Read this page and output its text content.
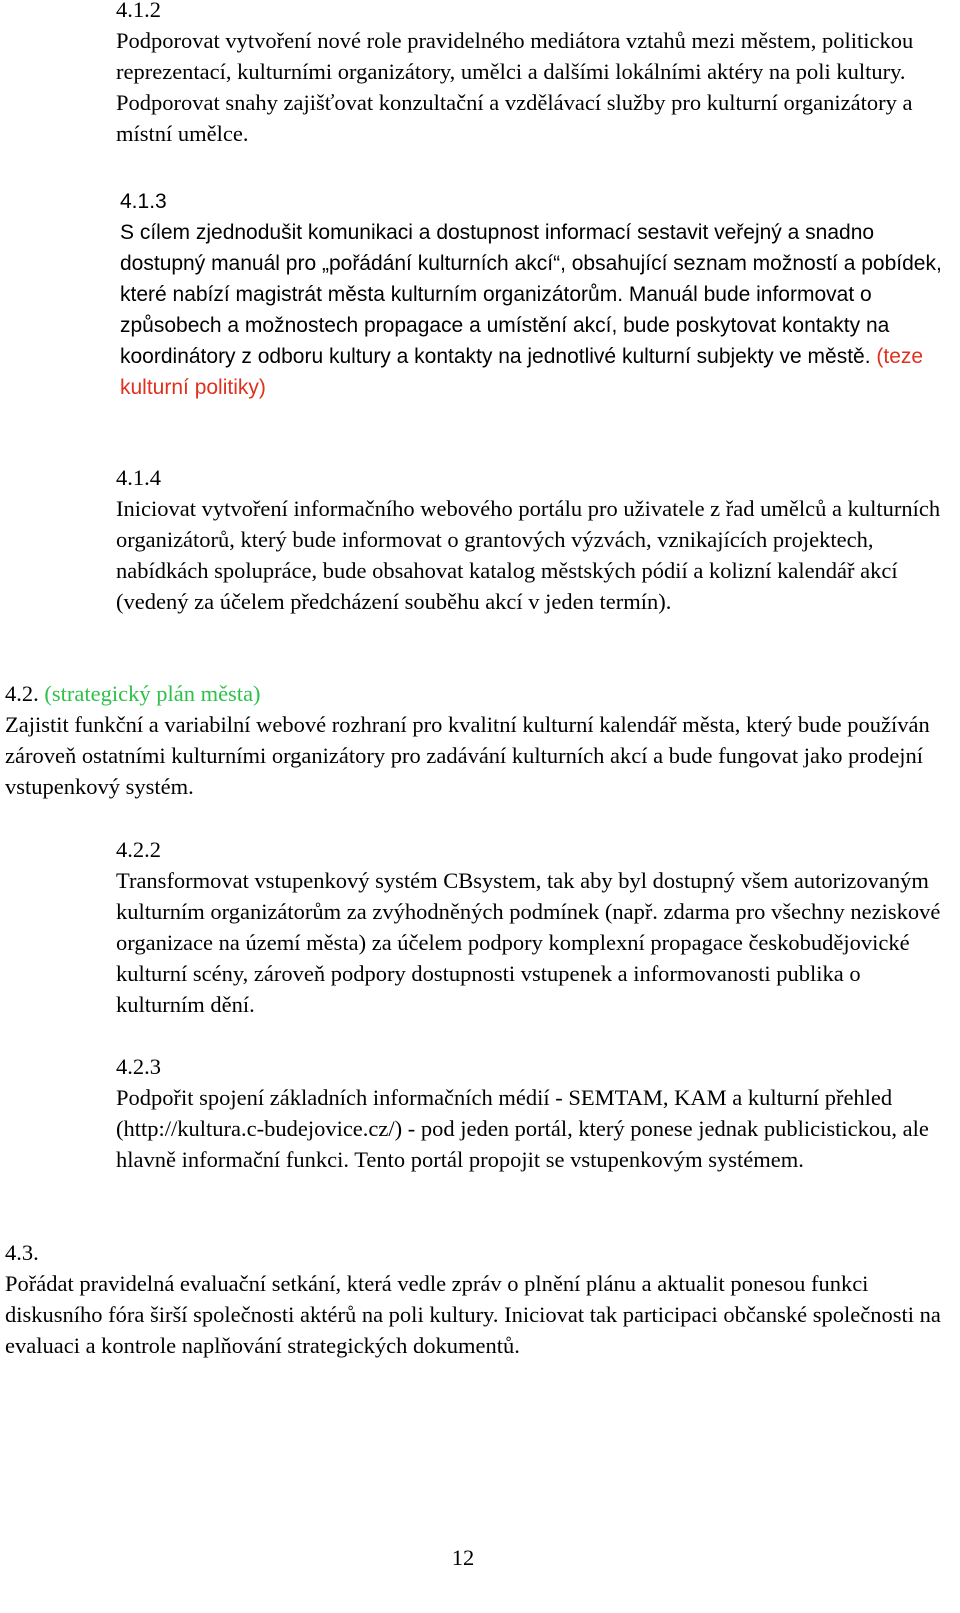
4.1.2

Podporovat vytvoření nové role pravidelného mediátora vztahů mezi městem, politickou reprezentací, kulturními organizátory, umělci a dalšími lokálními aktéry na poli kultury. Podporovat snahy zajišťovat konzultační a vzdělávací služby pro kulturní organizátory a místní umělce.

4.1.3

S cílem zjednodušit komunikaci a dostupnost informací sestavit veřejný a snadno dostupný manuál pro „pořádání kulturních akcí“, obsahující seznam možností a pobídek, které nabízí magistrát města kulturním organizátorům. Manuál bude informovat o způsobech a možnostech propagace a umístění akcí, bude poskytovat kontakty na koordinátory z odboru kultury a kontakty na jednotlivé kulturní subjekty ve městě. (teze kulturní politiky)

4.1.4

Iniciovat vytvoření informačního webového portálu pro uživatele z řad umělců a kulturních organizátorů, který bude informovat o grantových výzvách, vznikajících projektech, nabídkách spolupráce, bude obsahovat katalog městských pódií a kolizní kalendář akcí (vedený za účelem předcházení souběhu akcí v jeden termín).

4.2. (strategický plán města)

Zajistit funkční a variabilní webové rozhraní pro kvalitní kulturní kalendář města, který bude používán zároveň ostatními kulturními organizátory pro zadávání kulturních akcí a bude fungovat jako prodejní vstupenkový systém.

4.2.2

Transformovat vstupenkový systém CBsystem, tak aby byl dostupný všem autorizovaným kulturním organizátorům za zvýhodněných podmínek (např. zdarma pro všechny neziskové organizace na území města) za účelem podpory komplexní propagace českobudějovické kulturní scény, zároveň podpory dostupnosti vstupenek a informovanosti publika o kulturním dění.

4.2.3

Podpořit spojení základních informačních médií - SEMTAM, KAM a kulturní přehled (http://kultura.c-budejovice.cz/) - pod jeden portál, který ponese jednak publicistickou, ale hlavně informační funkci. Tento portál propojit se vstupenkovým systémem.

4.3.

Pořádat pravidelná evaluační setkání, která vedle zpráv o plnění plánu a aktualit ponesou funkci diskusního fóra širší společnosti aktérů na poli kultury. Iniciovat tak participaci občanské společnosti na evaluaci a kontrole naplňování strategických dokumentů.

12
